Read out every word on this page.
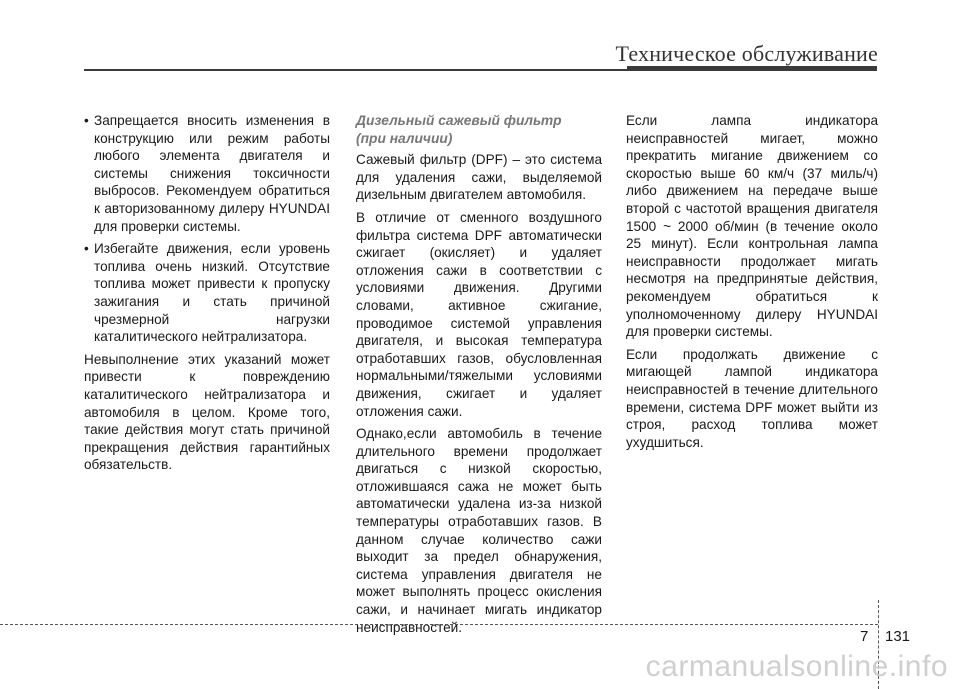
Техническое обслуживание
• Запрещается вносить изменения в конструкцию или режим работы любого элемента двигателя и системы снижения токсичности выбросов. Рекомендуем обратиться к авторизованному дилеру HYUNDAI для проверки системы.
• Избегайте движения, если уровень топлива очень низкий. Отсутствие топлива может привести к пропуску зажигания и стать причиной чрезмерной нагрузки каталитического нейтрализатора.

Невыполнение этих указаний может привести к повреждению каталитического нейтрализатора и автомобиля в целом. Кроме того, такие действия могут стать причиной прекращения действия гарантийных обязательств.

Дизельный сажевый фильтр
(при наличии)

Сажевый фильтр (DPF) – это система для удаления сажи, выделяемой дизельным двигателем автомобиля.

В отличие от сменного воздушного фильтра система DPF автоматически сжигает (окисляет) и удаляет отложения сажи в соответствии с условиями движения. Другими словами, активное сжигание, проводимое системой управления двигателя, и высокая температура отработавших газов, обусловленная нормальными/тяжелыми условиями движения, сжигает и удаляет отложения сажи.

Однако,если автомобиль в течение длительного времени продолжает двигаться с низкой скоростью, отложившаяся сажа не может быть автоматически удалена из-за низкой температуры отработавших газов. В данном случае количество сажи выходит за предел обнаружения, система управления двигателя не может выполнять процесс окисления сажи, и начинает мигать индикатор неисправностей.

Если лампа индикатора неисправностей мигает, можно прекратить мигание движением со скоростью выше 60 км/ч (37 миль/ч) либо движением на передаче выше второй с частотой вращения двигателя 1500 ~ 2000 об/мин (в течение около 25 минут). Если контрольная лампа неисправности продолжает мигать несмотря на предпринятые действия, рекомендуем обратиться к уполномоченному дилеру HYUNDAI для проверки системы.

Если продолжать движение с мигающей лампой индикатора неисправностей в течение длительного времени, система DPF может выйти из строя, расход топлива может ухудшиться.

7 131
carmanualsonline.info
